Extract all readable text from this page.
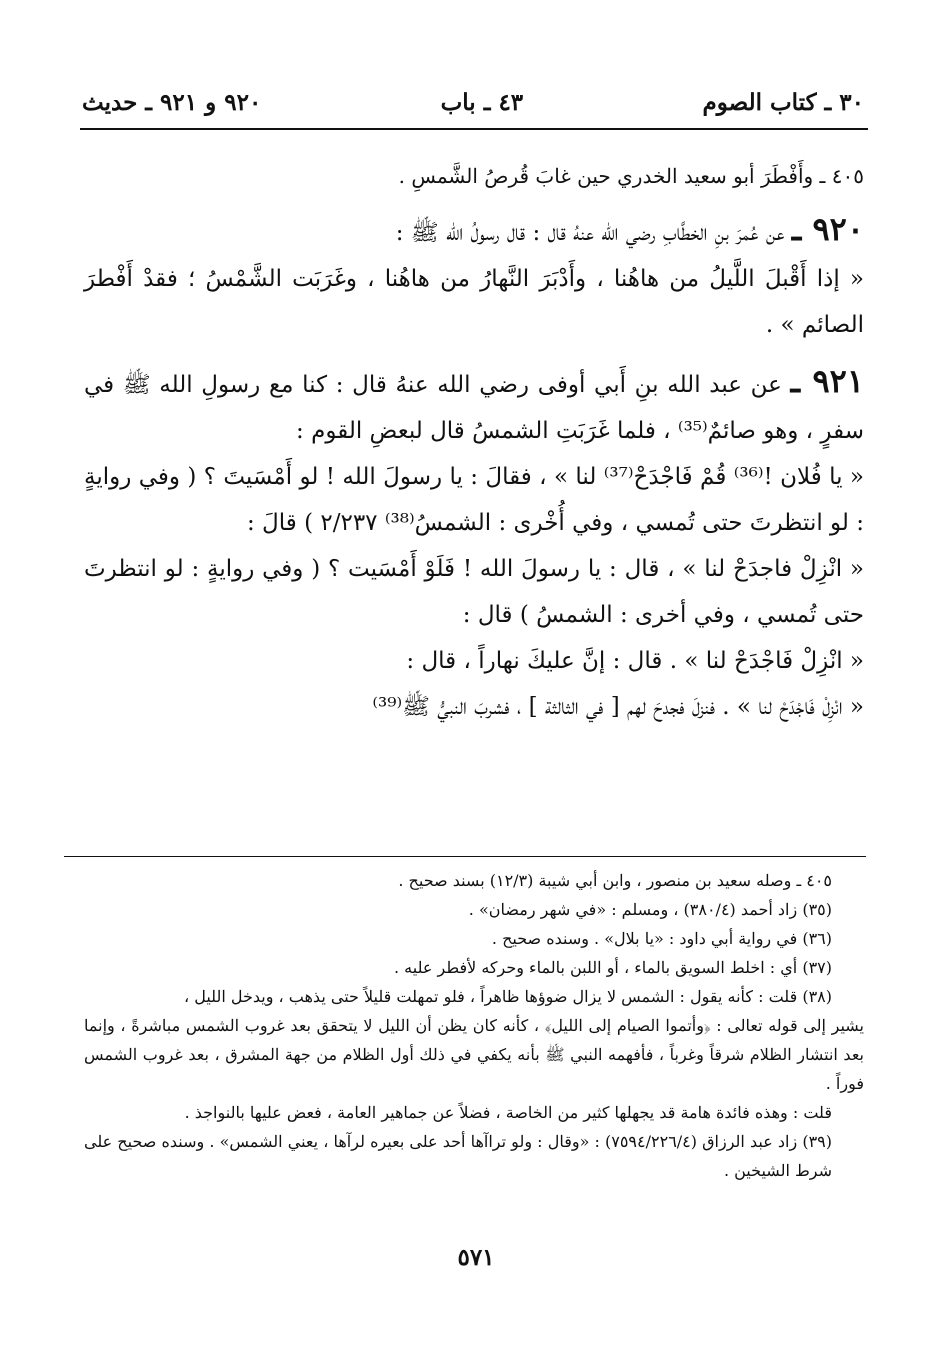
٣٠ ـ كتاب الصوم
٤٣ ـ باب
٩٢٠ و ٩٢١ ـ حديث

٤٠٥ ـ وأَفْطَرَ أبو سعيد الخدري حين غابَ قُرصُ الشَّمسِ .

٩٢٠ ـ عن عُمرَ بنِ الخطَّابِ رضي الله عنهُ قال : قال رسولُ الله ﷺ :

« إذا أَقْبلَ اللَّيلُ من هاهُنا ، وأَدْبَرَ النَّهارُ من هاهُنا ، وغَرَبَت الشَّمْسُ ؛ فقدْ أَفْطرَ الصائم » .

٩٢١ ـ عن عبد الله بنِ أَبي أوفى رضي الله عنهُ قال : كنا مع رسولِ الله ﷺ في سفرٍ ، وهو صائمٌ⁽³⁵⁾ ، فلما غَرَبَتِ الشمسُ قال لبعضِ القوم :

« يا فُلان !⁽³⁶⁾ قُمْ فَاجْدَحْ⁽³⁷⁾ لنا » ، فقالَ : يا رسولَ الله ! لو أَمْسَيتَ ؟ ( وفي روايةٍ : لو انتظرتَ حتى تُمسي ، وفي أُخْرى : الشمسُ⁽³⁸⁾ ٢/٢٣٧ ) قالَ :

« انْزِلْ فاجدَحْ لنا » ، قال : يا رسولَ الله ! فَلَوْ أَمْسَيت ؟ ( وفي روايةٍ : لو انتظرتَ حتى تُمسي ، وفي أخرى : الشمسُ ) قال :

« انْزِلْ فَاجْدَحْ لنا » . قال : إنَّ عليكَ نهاراً ، قال :

« انْزِلْ فَاجْدَحْ لنا » . فنزلَ فجدحَ لهم [ في الثالثة ] ، فشربَ النبيُّ ﷺ⁽³⁹⁾

٤٠٥ ـ وصله سعيد بن منصور ، وابن أبي شيبة (١٢/٣) بسند صحيح .

(٣٥) زاد أحمد (٣٨٠/٤) ، ومسلم : «في شهر رمضان» .

(٣٦) في رواية أبي داود : «يا بلال» . وسنده صحيح .

(٣٧) أي : اخلط السويق بالماء ، أو اللبن بالماء وحركه لأفطر عليه .

(٣٨) قلت : كأنه يقول : الشمس لا يزال ضوؤها ظاهراً ، فلو تمهلت قليلاً حتى يذهب ، ويدخل الليل ،

يشير إلى قوله تعالى : ﴿وأتموا الصيام إلى الليل﴾ ، كأنه كان يظن أن الليل لا يتحقق بعد غروب الشمس مباشرةً ، وإنما بعد انتشار الظلام شرقاً وغرباً ، فأفهمه النبي ﷺ بأنه يكفي في ذلك أول الظلام من جهة المشرق ، بعد غروب الشمس فوراً .

قلت : وهذه فائدة هامة قد يجهلها كثير من الخاصة ، فضلاً عن جماهير العامة ، فعض عليها بالنواجذ .

(٣٩) زاد عبد الرزاق (٧٥٩٤/٢٢٦/٤) : «وقال : ولو تراآها أحد على بعيره لرآها ، يعني الشمس» . وسنده صحيح على شرط الشيخين .

٥٧١
